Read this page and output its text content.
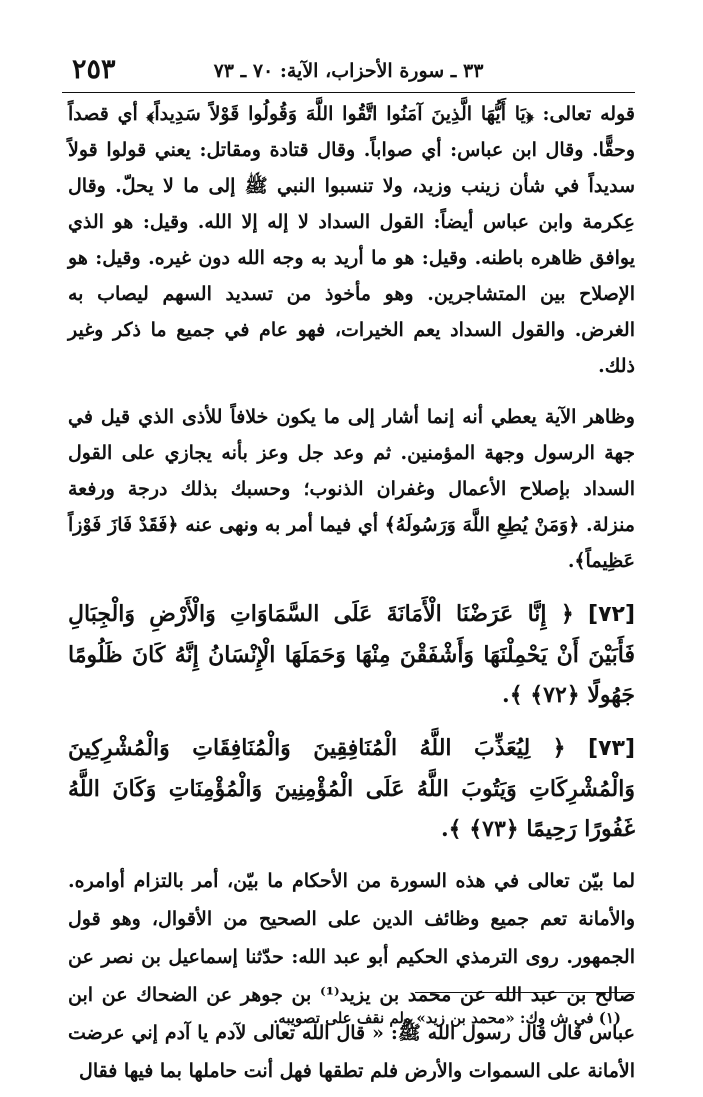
٢٥٣	٣٣ ـ سورة الأحزاب، الآية: ٧٠ ـ ٧٣

قوله تعالى: ﴿يَا أَيُّهَا الَّذِينَ آمَنُوا اتَّقُوا اللَّهَ وَقُولُوا قَوْلاً سَدِيداً﴾ أي قصداً وحقًّا. وقال ابن عباس: أي صواباً. وقال قتادة ومقاتل: يعني قولوا قولاً سديداً في شأن زينب وزيد، ولا تنسبوا النبي ﷺ إلى ما لا يحلّ. وقال عِكرمة وابن عباس أيضاً: القول السداد لا إله إلا الله. وقيل: هو الذي يوافق ظاهره باطنه. وقيل: هو ما أريد به وجه الله دون غيره. وقيل: هو الإصلاح بين المتشاجرين. وهو مأخوذ من تسديد السهم ليصاب به الغرض. والقول السداد يعم الخيرات، فهو عام في جميع ما ذكر وغير ذلك.

وظاهر الآية يعطي أنه إنما أشار إلى ما يكون خلافاً للأذى الذي قيل في جهة الرسول وجهة المؤمنين. ثم وعد جل وعز بأنه يجازي على القول السداد بإصلاح الأعمال وغفران الذنوب؛ وحسبك بذلك درجة ورفعة منزلة. ﴿وَمَنْ يُطِعِ اللَّهَ وَرَسُولَهُ﴾ أي فيما أمر به ونهى عنه ﴿فَقَدْ فَازَ فَوْزاً عَظِيماً﴾.

[٧٢] ﴿ إِنَّا عَرَضْنَا الْأَمَانَةَ عَلَى السَّمَاوَاتِ وَالْأَرْضِ وَالْجِبَالِ فَأَبَيْنَ أَنْ يَحْمِلْنَهَا وَأَشْفَقْنَ مِنْهَا وَحَمَلَهَا الْإِنْسَانُ إِنَّهُ كَانَ ظَلُومًا جَهُولًا ﴿٧٢﴾ ﴾.

[٧٣] ﴿ لِيُعَذِّبَ اللَّهُ الْمُنَافِقِينَ وَالْمُنَافِقَاتِ وَالْمُشْرِكِينَ وَالْمُشْرِكَاتِ وَيَتُوبَ اللَّهُ عَلَى الْمُؤْمِنِينَ وَالْمُؤْمِنَاتِ وَكَانَ اللَّهُ غَفُورًا رَحِيمًا ﴿٧٣﴾ ﴾.

لما بيّن تعالى في هذه السورة من الأحكام ما بيّن، أمر بالتزام أوامره. والأمانة تعم جميع وظائف الدين على الصحيح من الأقوال، وهو قول الجمهور. روى الترمذي الحكيم أبو عبد الله: حدّثنا إسماعيل بن نصر عن صالح بن عبد الله عن محمد بن يزيد⁽¹⁾ بن جوهر عن الضحاك عن ابن عباس قال قال رسول الله ﷺ: « قال الله تعالى لآدم يا آدم إني عرضت الأمانة على السموات والأرض فلم تطقها فهل أنت حاملها بما فيها فقال

(١) في ش وك: «محمد بن زيد» ولم نقف على تصويبه.
